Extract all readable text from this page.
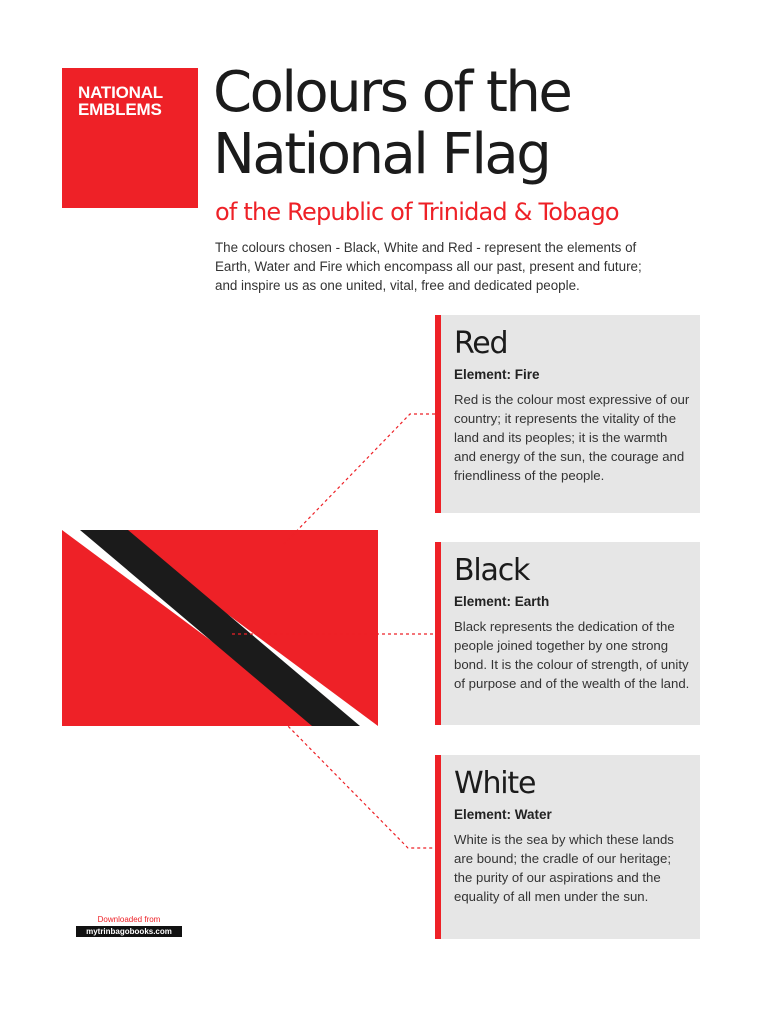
NATIONAL
EMBLEMS Colours of the
National Flag
of the Republic of Trinidad & Tobago

The colours chosen - Black, White and Red - represent the elements of Earth, Water and Fire which encompass all our past, present and future; and inspire us as one united, vital, free and dedicated people.

Red

Element: Fire

Red is the colour most expressive of our country; it represents the vitality of the land and its peoples; it is the warmth and energy of the sun, the courage and friendliness of the people.

Black

Element: Earth

Black represents the dedication of the people joined together by one strong bond. It is the colour of strength, of unity of purpose and of the wealth of the land.

White

Element: Water

White is the sea by which these lands are bound; the cradle of our heritage; the purity of our aspirations and the equality of all men under the sun.

Downloaded from
mytrinbagobooks.com
